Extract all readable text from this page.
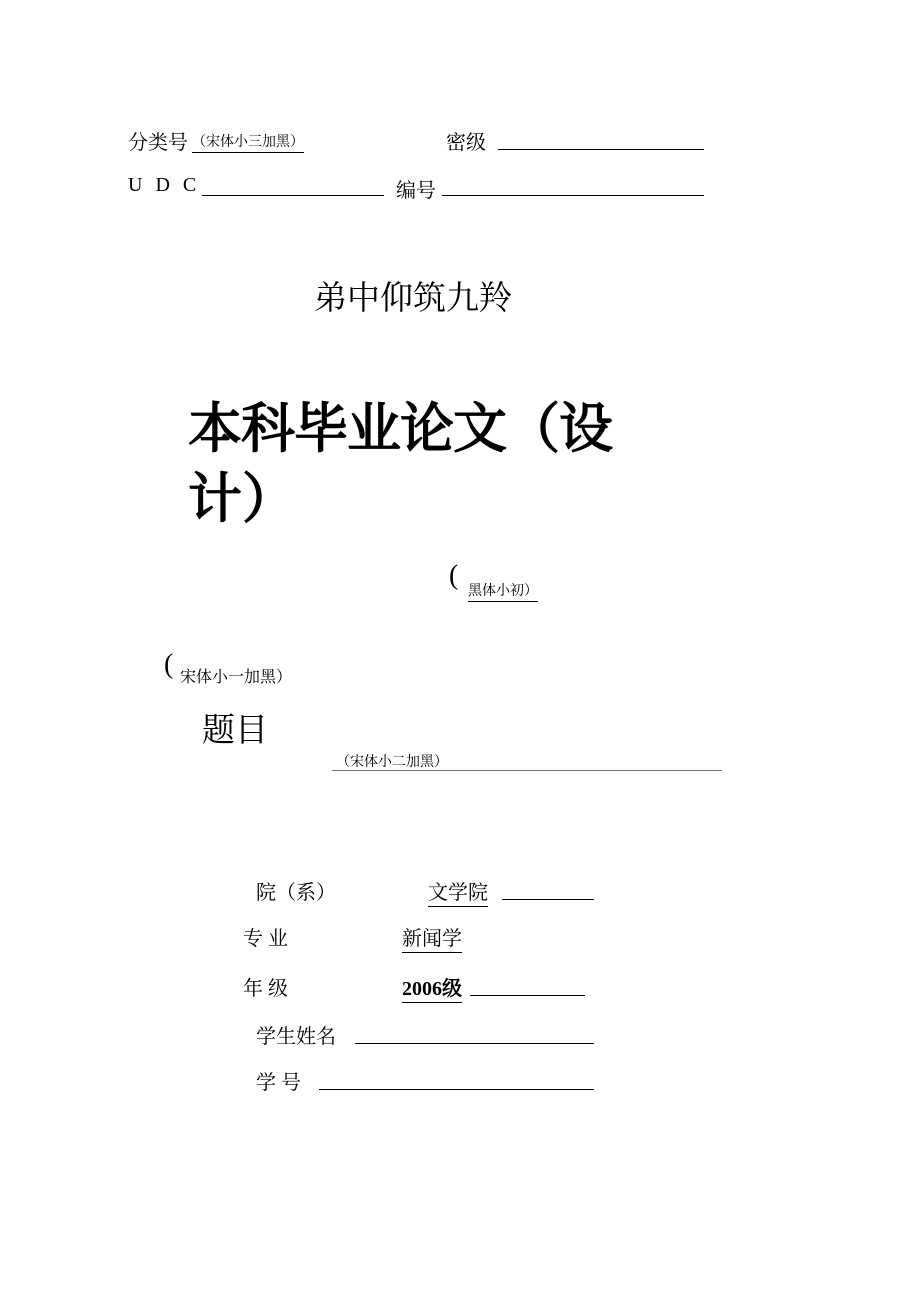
分类号 （宋体小三加黑）	密级
U D C	编号
弟中仰筑九羚
本科毕业论文（设
计）
(
黑体小初）
( 宋体小一加黑）
题目
（宋体小二加黑）
院（系）	文学院
专 业	新闻学
年 级	2006级
学生姓名
学 号
